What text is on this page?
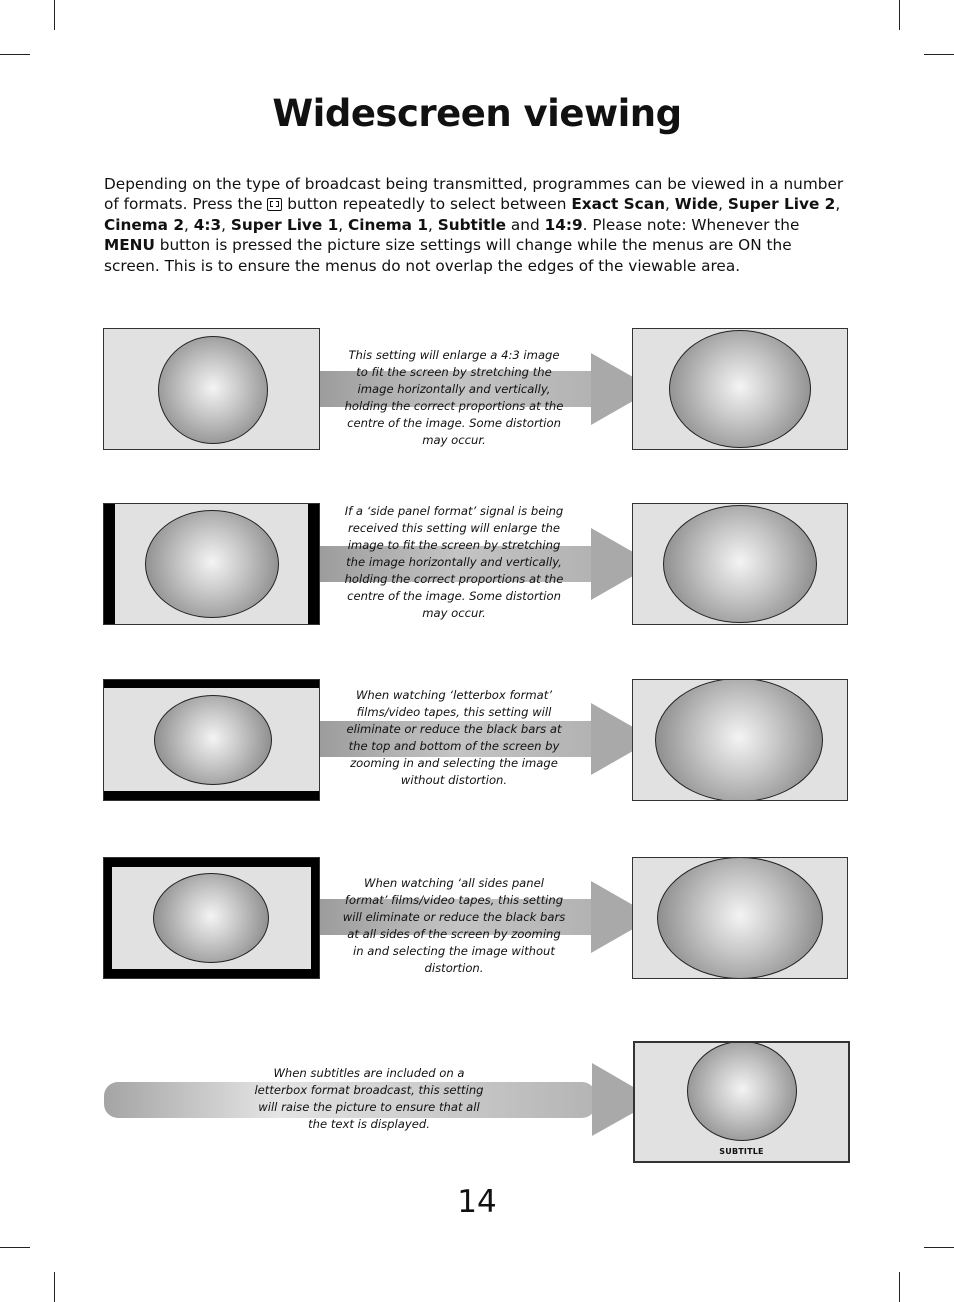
Widescreen viewing
Depending on the type of broadcast being transmitted, programmes can be viewed in a number of formats. Press the  button repeatedly to select between Exact Scan, Wide, Super Live 2, Cinema 2, 4:3, Super Live 1, Cinema 1, Subtitle and 14:9. Please note: Whenever the MENU button is pressed the picture size settings will change while the menus are ON the screen. This is to ensure the menus do not overlap the edges of the viewable area.
This setting will enlarge a 4:3 image to fit the screen by stretching the image horizontally and vertically, holding the correct proportions at the centre of the image. Some distortion may occur.
If a ‘side panel format’ signal is being received this setting will enlarge the image to fit the screen by stretching the image horizontally and vertically, holding the correct proportions at the centre of the image. Some distortion may occur.
When watching ‘letterbox format’ films/video tapes, this setting will eliminate or reduce the black bars at the top and bottom of the screen by zooming in and selecting the image without distortion.
When watching ‘all sides panel format’ films/video tapes, this setting will eliminate or reduce the black bars at all sides of the screen by zooming in and selecting the image without distortion.
When subtitles are included on a letterbox format broadcast, this setting will raise the picture to ensure that all the text is displayed.
SUBTITLE
14
